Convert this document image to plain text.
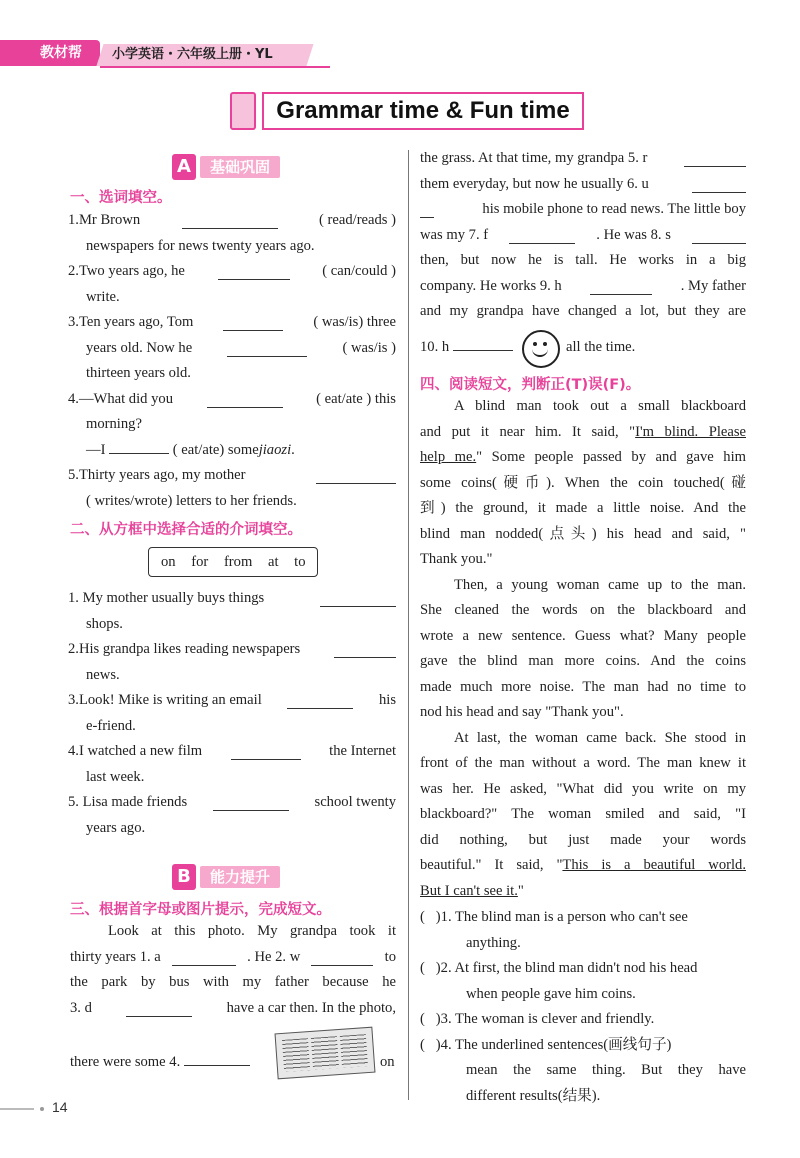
教材帮	小学英语・六年级上册・YL
Grammar time & Fun time
A	基础巩固
一、选词填空。
1.Mr Brown	( read/reads )
newspapers for news twenty years ago.
2.Two years ago, he	( can/could )
write.
3.Ten years ago, Tom	( was/is) three
years old. Now he	( was/is )
thirteen years old.
4.—What did you	( eat/ate ) this
morning?
—I	( eat/ate) somejiaozi.
5.Thirty years ago, my mother
( writes/wrote) letters to her friends.
二、从方框中选择合适的介词填空。
on for from at to
1. My mother usually buys things
shops.
2.His grandpa likes reading newspapers
news.
3.Look! Mike is writing an email	his
e-friend.
4.I watched a new film	the Internet
last week.
5. Lisa made friends	school twenty
years ago.
B	能力提升
三、根据首字母或图片提示，完成短文。
Look at this photo. My grandpa took it
thirty years 1. a	. He 2. w	to
the park by bus with my father because he
3. d	have a car then. In the photo,
there were some 4.	on
the grass. At that time, my grandpa 5. r
them everyday, but now he usually 6. u
his mobile phone to read news. The little boy
was my 7. f	. He was 8. s
then, but now he is tall. He works in a big
company. He works 9. h	. My father
and my grandpa have changed a lot, but they are
10. h	all the time.
四、阅读短文，判断正(T)误(F)。
A blind man took out a small blackboard
and put it near him. It said, "I'm blind. Please
help me." Some people passed by and gave him
some coins(硬币). When the coin touched(碰
到) the ground, it made a little noise. And the
blind man nodded(点头) his head and said, "
Thank you."
Then, a young woman came up to the man.
She cleaned the words on the blackboard and
wrote a new sentence. Guess what? Many people
gave the blind man more coins. And the coins
made much more noise. The man had no time to
nod his head and say "Thank you".
At last, the woman came back. She stood in
front of the man without a word. The man knew it
was her. He asked, "What did you write on my
blackboard?" The woman smiled and said, "I
did nothing, but just made your words
beautiful." It said, "This is a beautiful world.
But I can't see it."
(   ) 1. The blind man is a person who can't see
anything.
(   ) 2. At first, the blind man didn't nod his head
when people gave him coins.
(   ) 3. The woman is clever and friendly.
(   ) 4. The underlined sentences(画线句子)
mean the same thing. But they have
different results(结果).
14
